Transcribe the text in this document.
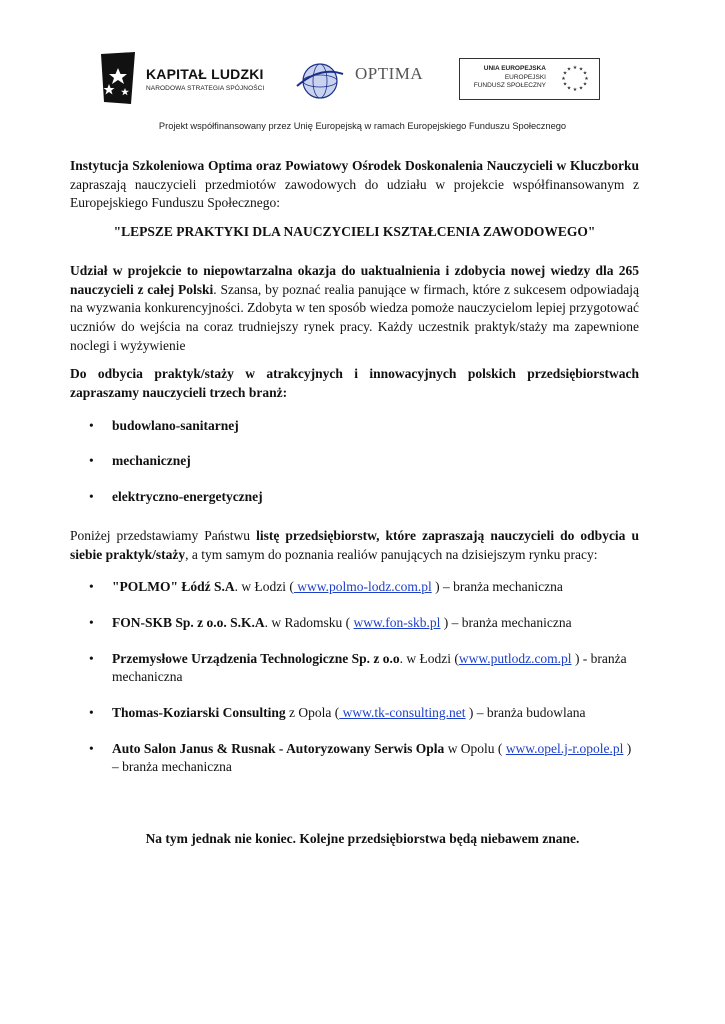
KAPITAŁ LUDZKI
NARODOWA STRATEGIA SPÓJNOŚCI
OPTIMA	UNIA EUROPEJSKA
EUROPEJSKI
FUNDUSZ SPOŁECZNY
★ ★
★
★
★
★
★
★
★
★
★
★
Projekt współfinansowany przez Unię Europejską w ramach Europejskiego Funduszu Społecznego

Instytucja Szkoleniowa Optima oraz Powiatowy Ośrodek Doskonalenia Nauczycieli w Kluczborku zapraszają nauczycieli przedmiotów zawodowych do udziału w projekcie współfinansowanym z Europejskiego Funduszu Społecznego:

"LEPSZE PRAKTYKI DLA NAUCZYCIELI KSZTAŁCENIA ZAWODOWEGO"

Udział w projekcie to niepowtarzalna okazja do uaktualnienia i zdobycia nowej wiedzy dla 265 nauczycieli z całej Polski. Szansa, by poznać realia panujące w firmach, które z sukcesem odpowiadają na wyzwania konkurencyjności. Zdobyta w ten sposób wiedza pomoże nauczycielom lepiej przygotować uczniów do wejścia na coraz trudniejszy rynek pracy. Każdy uczestnik praktyk/staży ma zapewnione noclegi i wyżywienie

Do odbycia praktyk/staży w atrakcyjnych i innowacyjnych polskich przedsiębiorstwach zapraszamy nauczycieli trzech branż:

• budowlano-sanitarnej
• mechanicznej
• elektryczno-energetycznej

Poniżej przedstawiamy Państwu listę przedsiębiorstw, które zapraszają nauczycieli do odbycia u siebie praktyk/staży, a tym samym do poznania realiów panujących na dzisiejszym rynku pracy:

• "POLMO" Łódź S.A. w Łodzi ( www.polmo-lodz.com.pl ) – branża mechaniczna
• FON-SKB Sp. z o.o. S.K.A. w Radomsku ( www.fon-skb.pl ) – branża mechaniczna
• Przemysłowe Urządzenia Technologiczne Sp. z o.o. w Łodzi (www.putlodz.com.pl ) - branża mechaniczna
• Thomas-Koziarski Consulting z Opola ( www.tk-consulting.net ) – branża budowlana
• Auto Salon Janus & Rusnak - Autoryzowany Serwis Opla w Opolu ( www.opel.j-r.opole.pl ) – branża mechaniczna
Na tym jednak nie koniec. Kolejne przedsiębiorstwa będą niebawem znane.
